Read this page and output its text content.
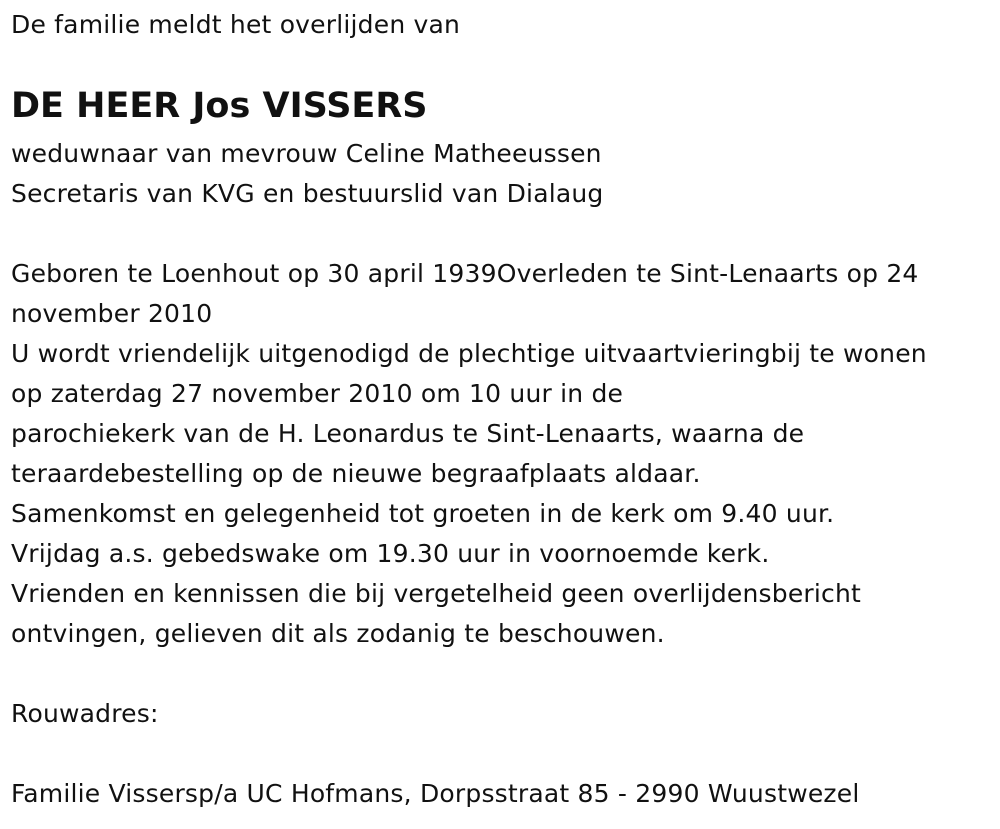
De familie meldt het overlijden van
DE HEER Jos VISSERS
weduwnaar van mevrouw Celine Matheeussen
Secretaris van KVG en bestuurslid van Dialaug
Geboren te Loenhout op 30 april 1939Overleden te Sint-Lenaarts op 24
november 2010
U wordt vriendelijk uitgenodigd de plechtige uitvaartvieringbij te wonen
op zaterdag 27 november 2010 om 10 uur in de
parochiekerk van de H. Leonardus te Sint-Lenaarts, waarna de
teraardebestelling op de nieuwe begraafplaats aldaar.
Samenkomst en gelegenheid tot groeten in de kerk om 9.40 uur.
Vrijdag a.s. gebedswake om 19.30 uur in voornoemde kerk.
Vrienden en kennissen die bij vergetelheid geen overlijdensbericht
ontvingen, gelieven dit als zodanig te beschouwen.
Rouwadres:
Familie Vissersp/a UC Hofmans, Dorpsstraat 85 - 2990 Wuustwezel
